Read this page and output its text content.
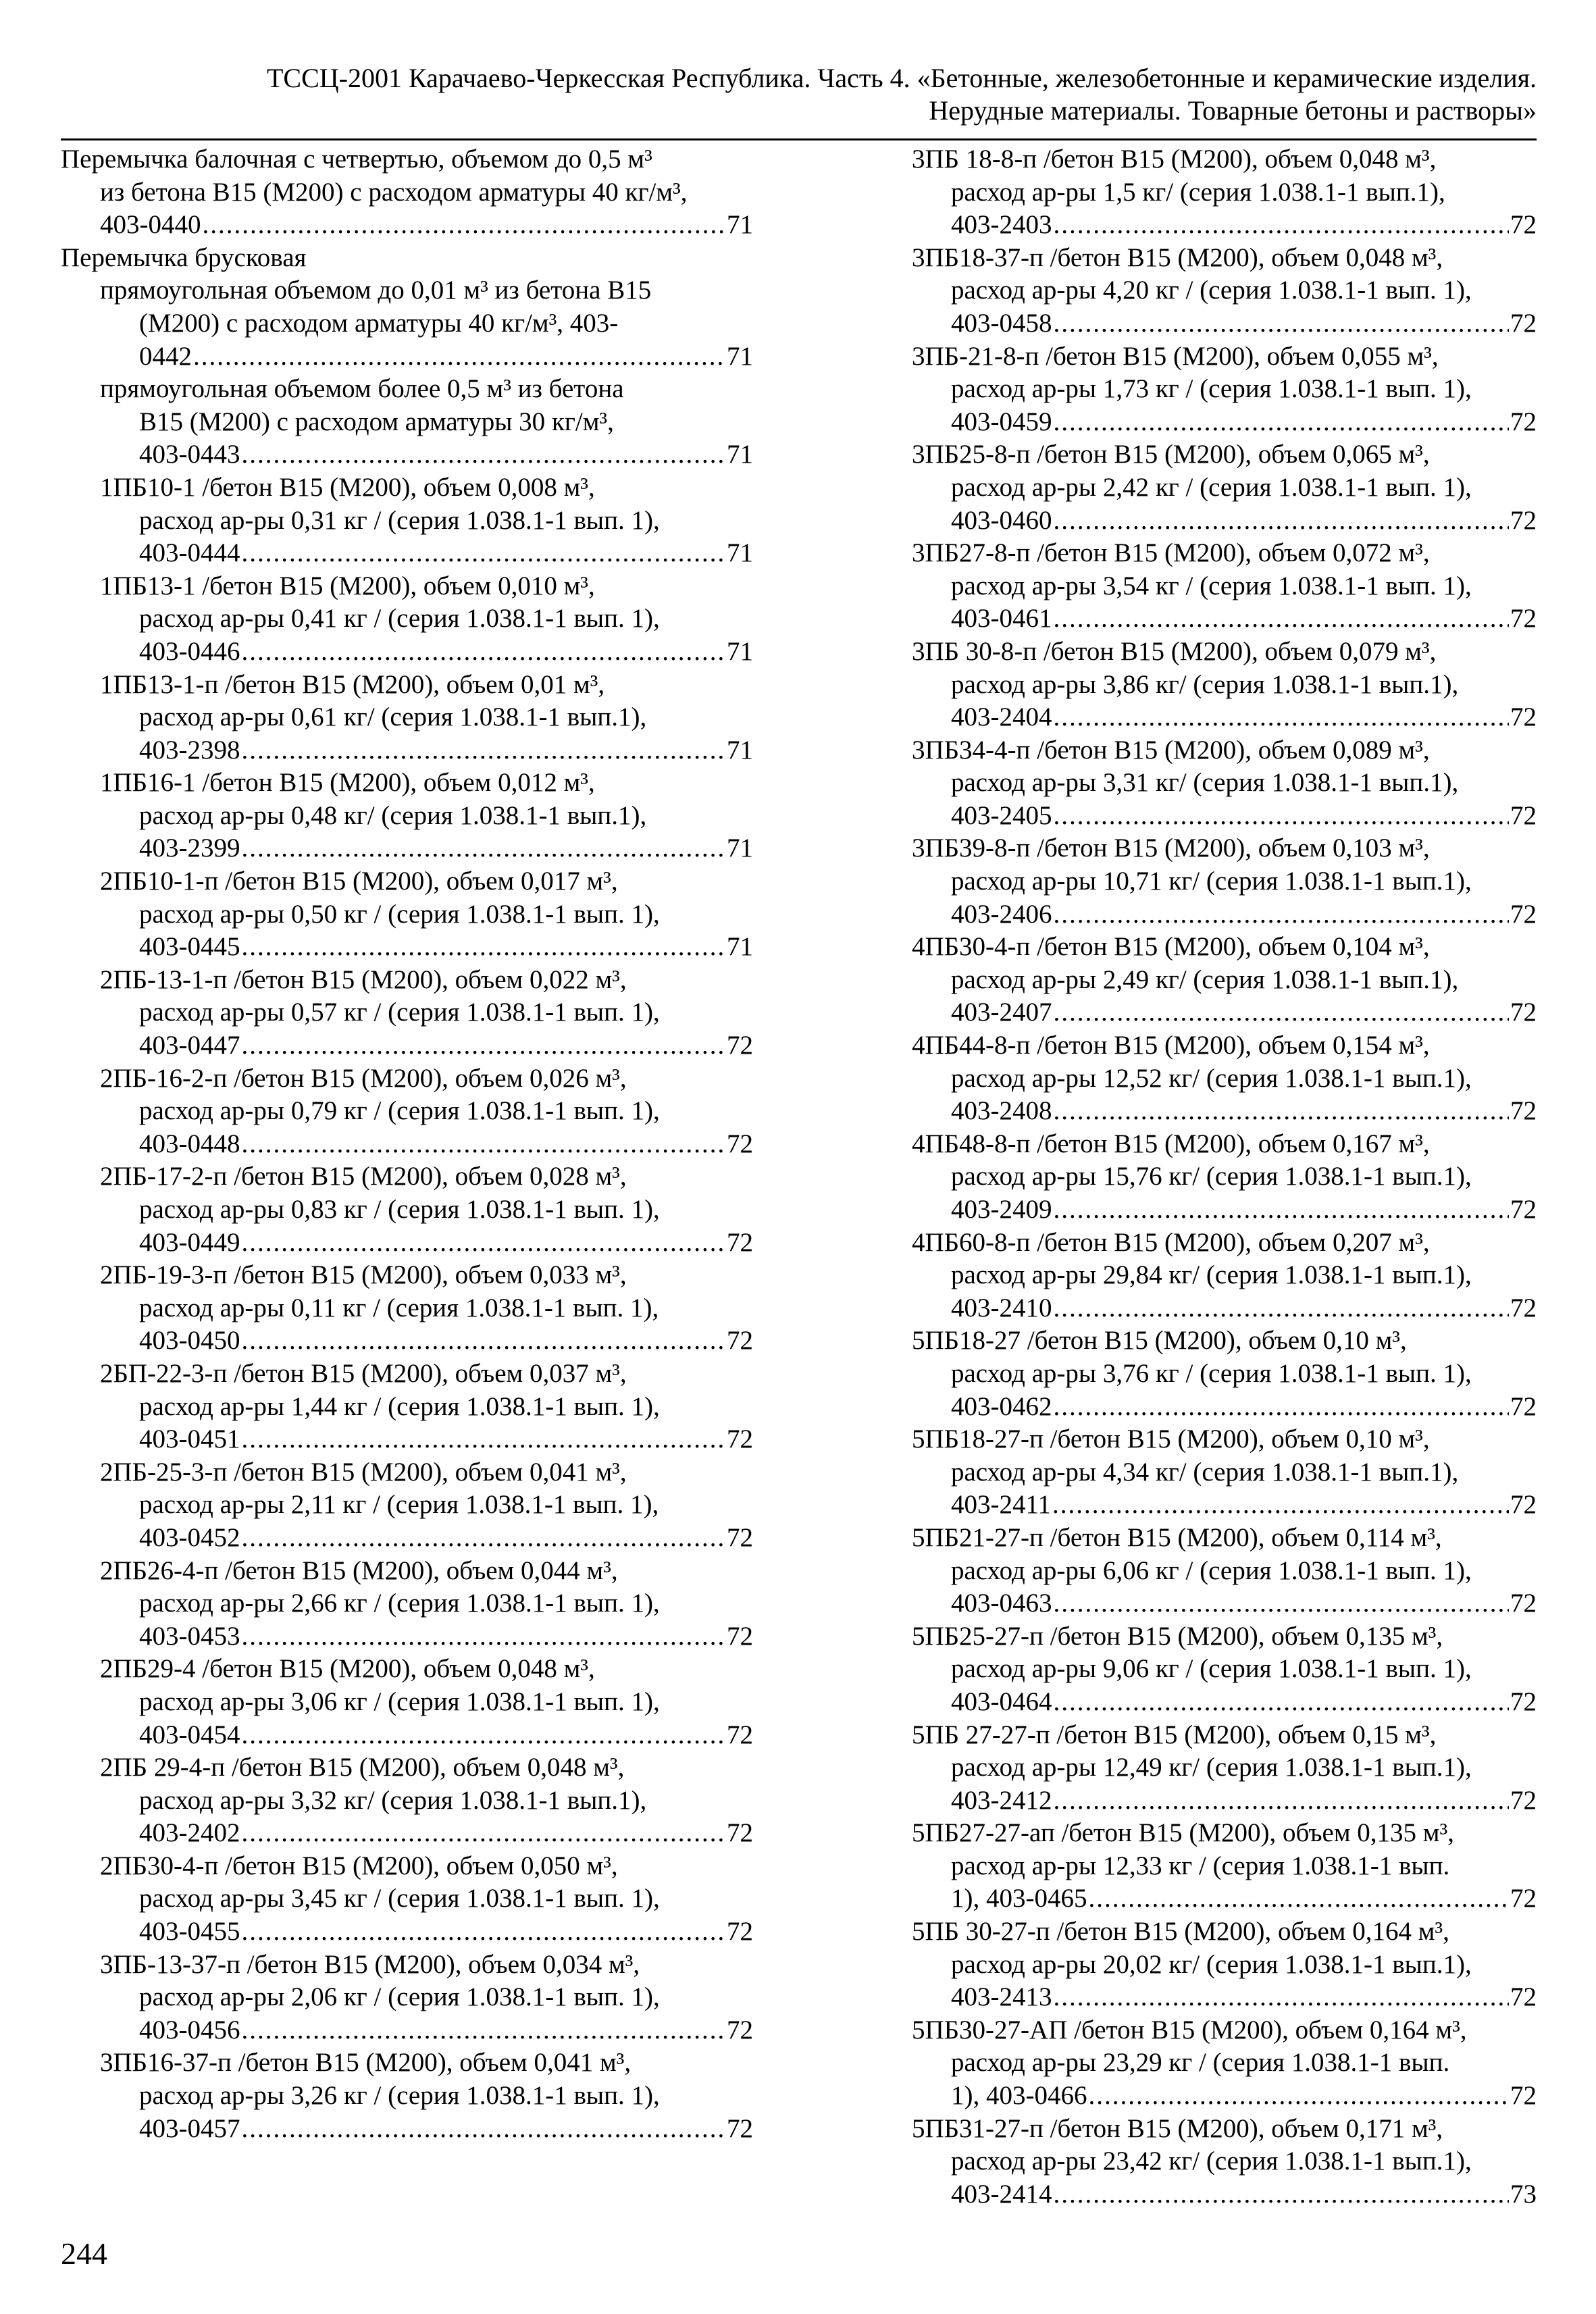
ТССЦ-2001 Карачаево-Черкесская Республика. Часть 4. «Бетонные, железобетонные и керамические изделия.
Нерудные материалы. Товарные бетоны и растворы»
Перемычка балочная с четвертью, объемом до 0,5 м³
из бетона В15 (М200) с расходом арматуры 40 кг/м³,
403-0440 .....	71
Перемычка брусковая
прямоугольная объемом до 0,01 м³ из бетона В15
(М200) с расходом арматуры 40 кг/м³, 403-
0442 .....	71
прямоугольная объемом более 0,5 м³ из бетона
В15 (М200) с расходом арматуры 30 кг/м³,
403-0443 .....	71
1ПБ10-1 /бетон В15 (М200), объем 0,008 м³,
расход ар-ры 0,31 кг / (серия 1.038.1-1 вып. 1),
403-0444 .....	71
1ПБ13-1 /бетон В15 (М200), объем 0,010 м³,
расход ар-ры 0,41 кг / (серия 1.038.1-1 вып. 1),
403-0446 .....	71
1ПБ13-1-п /бетон В15 (М200), объем 0,01 м³,
расход ар-ры 0,61 кг/ (серия 1.038.1-1 вып.1),
403-2398 .....	71
1ПБ16-1 /бетон В15 (М200), объем 0,012 м³,
расход ар-ры 0,48 кг/ (серия 1.038.1-1 вып.1),
403-2399 .....	71
2ПБ10-1-п /бетон В15 (М200), объем 0,017 м³,
расход ар-ры 0,50 кг / (серия 1.038.1-1 вып. 1),
403-0445 .....	71
2ПБ-13-1-п /бетон В15 (М200), объем 0,022 м³,
расход ар-ры 0,57 кг / (серия 1.038.1-1 вып. 1),
403-0447 .....	72
2ПБ-16-2-п /бетон В15 (М200), объем 0,026 м³,
расход ар-ры 0,79 кг / (серия 1.038.1-1 вып. 1),
403-0448 .....	72
2ПБ-17-2-п /бетон В15 (М200), объем 0,028 м³,
расход ар-ры 0,83 кг / (серия 1.038.1-1 вып. 1),
403-0449 .....	72
2ПБ-19-3-п /бетон В15 (М200), объем 0,033 м³,
расход ар-ры 0,11 кг / (серия 1.038.1-1 вып. 1),
403-0450 .....	72
2БП-22-3-п /бетон В15 (М200), объем 0,037 м³,
расход ар-ры 1,44 кг / (серия 1.038.1-1 вып. 1),
403-0451 .....	72
2ПБ-25-3-п /бетон В15 (М200), объем 0,041 м³,
расход ар-ры 2,11 кг / (серия 1.038.1-1 вып. 1),
403-0452 .....	72
2ПБ26-4-п /бетон В15 (М200), объем 0,044 м³,
расход ар-ры 2,66 кг / (серия 1.038.1-1 вып. 1),
403-0453 .....	72
2ПБ29-4 /бетон В15 (М200), объем 0,048 м³,
расход ар-ры 3,06 кг / (серия 1.038.1-1 вып. 1),
403-0454 .....	72
2ПБ 29-4-п /бетон В15 (М200), объем 0,048 м³,
расход ар-ры 3,32 кг/ (серия 1.038.1-1 вып.1),
403-2402 .....	72
2ПБ30-4-п /бетон В15 (М200), объем 0,050 м³,
расход ар-ры 3,45 кг / (серия 1.038.1-1 вып. 1),
403-0455 .....	72
3ПБ-13-37-п /бетон В15 (М200), объем 0,034 м³,
расход ар-ры 2,06 кг / (серия 1.038.1-1 вып. 1),
403-0456 .....	72
3ПБ16-37-п /бетон В15 (М200), объем 0,041 м³,
расход ар-ры 3,26 кг / (серия 1.038.1-1 вып. 1),
403-0457 .....	72
3ПБ 18-8-п /бетон В15 (М200), объем 0,048 м³,
расход ар-ры 1,5 кг/ (серия 1.038.1-1 вып.1),
403-2403 .....	72
3ПБ18-37-п /бетон В15 (М200), объем 0,048 м³,
расход ар-ры 4,20 кг / (серия 1.038.1-1 вып. 1),
403-0458 .....	72
3ПБ-21-8-п /бетон В15 (М200), объем 0,055 м³,
расход ар-ры 1,73 кг / (серия 1.038.1-1 вып. 1),
403-0459 .....	72
3ПБ25-8-п /бетон В15 (М200), объем 0,065 м³,
расход ар-ры 2,42 кг / (серия 1.038.1-1 вып. 1),
403-0460 .....	72
3ПБ27-8-п /бетон В15 (М200), объем 0,072 м³,
расход ар-ры 3,54 кг / (серия 1.038.1-1 вып. 1),
403-0461 .....	72
3ПБ 30-8-п /бетон В15 (М200), объем 0,079 м³,
расход ар-ры 3,86 кг/ (серия 1.038.1-1 вып.1),
403-2404 .....	72
3ПБ34-4-п /бетон В15 (М200), объем 0,089 м³,
расход ар-ры 3,31 кг/ (серия 1.038.1-1 вып.1),
403-2405 .....	72
3ПБ39-8-п /бетон В15 (М200), объем 0,103 м³,
расход ар-ры 10,71 кг/ (серия 1.038.1-1 вып.1),
403-2406 .....	72
4ПБ30-4-п /бетон В15 (М200), объем 0,104 м³,
расход ар-ры 2,49 кг/ (серия 1.038.1-1 вып.1),
403-2407 .....	72
4ПБ44-8-п /бетон В15 (М200), объем 0,154 м³,
расход ар-ры 12,52 кг/ (серия 1.038.1-1 вып.1),
403-2408 .....	72
4ПБ48-8-п /бетон В15 (М200), объем 0,167 м³,
расход ар-ры 15,76 кг/ (серия 1.038.1-1 вып.1),
403-2409 .....	72
4ПБ60-8-п /бетон В15 (М200), объем 0,207 м³,
расход ар-ры 29,84 кг/ (серия 1.038.1-1 вып.1),
403-2410 .....	72
5ПБ18-27 /бетон В15 (М200), объем 0,10 м³,
расход ар-ры 3,76 кг / (серия 1.038.1-1 вып. 1),
403-0462 .....	72
5ПБ18-27-п /бетон В15 (М200), объем 0,10 м³,
расход ар-ры 4,34 кг/ (серия 1.038.1-1 вып.1),
403-2411 .....	72
5ПБ21-27-п /бетон В15 (М200), объем 0,114 м³,
расход ар-ры 6,06 кг / (серия 1.038.1-1 вып. 1),
403-0463 .....	72
5ПБ25-27-п /бетон В15 (М200), объем 0,135 м³,
расход ар-ры 9,06 кг / (серия 1.038.1-1 вып. 1),
403-0464 .....	72
5ПБ 27-27-п /бетон В15 (М200), объем 0,15 м³,
расход ар-ры 12,49 кг/ (серия 1.038.1-1 вып.1),
403-2412 .....	72
5ПБ27-27-ап /бетон В15 (М200), объем 0,135 м³,
расход ар-ры 12,33 кг / (серия 1.038.1-1 вып.
1), 403-0465 .....	72
5ПБ 30-27-п /бетон В15 (М200), объем 0,164 м³,
расход ар-ры 20,02 кг/ (серия 1.038.1-1 вып.1),
403-2413 .....	72
5ПБ30-27-АП /бетон В15 (М200), объем 0,164 м³,
расход ар-ры 23,29 кг / (серия 1.038.1-1 вып.
1), 403-0466 .....	72
5ПБ31-27-п /бетон В15 (М200), объем 0,171 м³,
расход ар-ры 23,42 кг/ (серия 1.038.1-1 вып.1),
403-2414 .....	73
244
